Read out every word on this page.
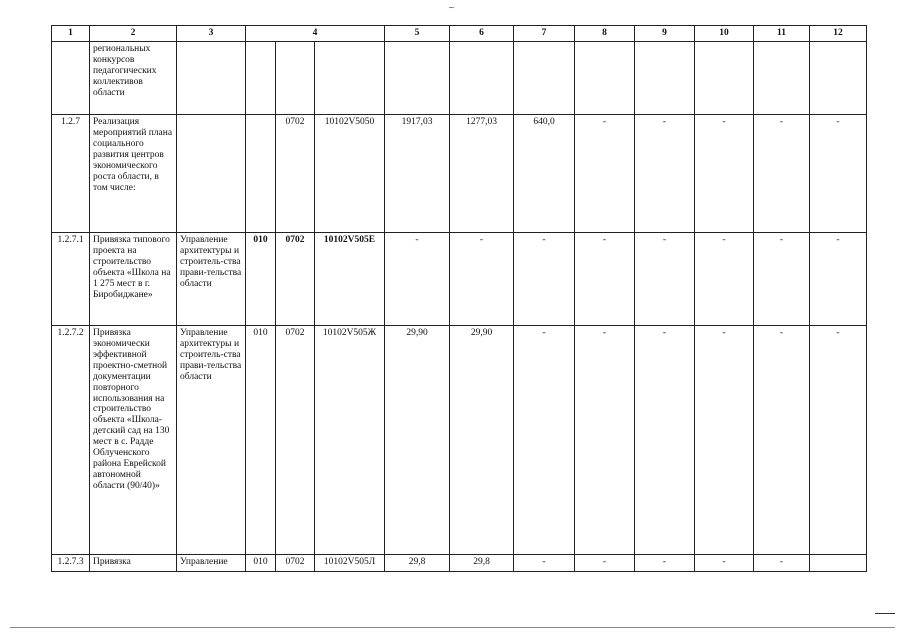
~
1	2	3	4			5	6	7	8	9	10	11	12
	региональных конкурсов педагогических коллективов области												
1.2.7	Реализация мероприятий плана социального развития центров экономического роста области, в том числе:			0702	10102V5050	1917,03	1277,03	640,0	-	-	-	-	-
1.2.7.1	Привязка типового проекта на строительство объекта «Школа на 1 275 мест в г. Биробиджане»	Управление архитектуры и строитель-ства прави-тельства области	010	0702	10102V505Е	-	-	-	-	-	-	-	-
1.2.7.2	Привязка экономически эффективной проектно-сметной документации повторного использования на строительство объекта «Школа-детский сад на 130 мест в с. Радде Облученского района Еврейской автономной области (90/40)»	Управление архитектуры и строитель-ства прави-тельства области	010	0702	10102V505Ж	29,90	29,90	-	-	-	-	-	-
1.2.7.3	Привязка	Управление	010	0702	10102V505Л	29,8	29,8	-	-	-	-	-	
